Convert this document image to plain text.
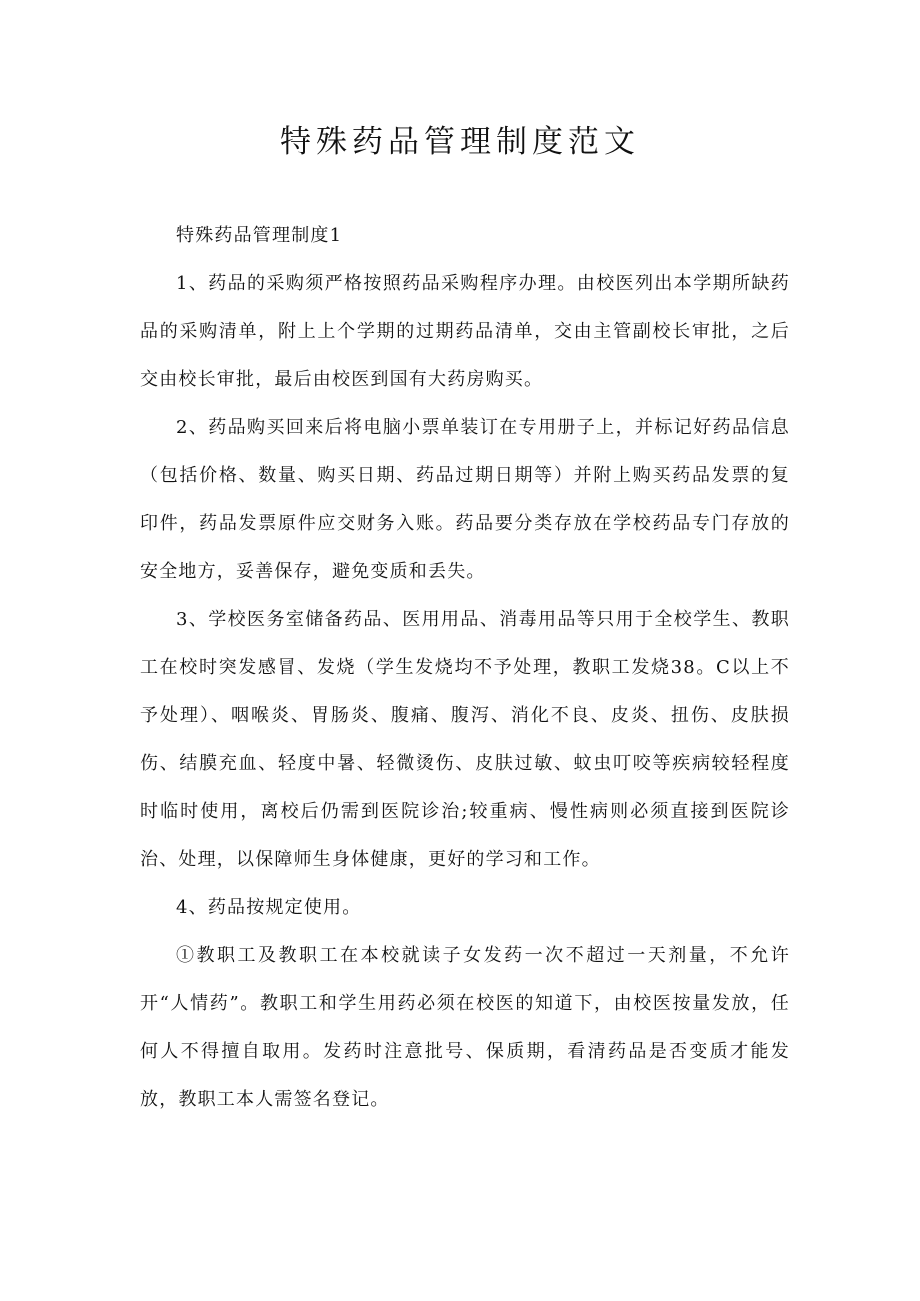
特殊药品管理制度范文

特殊药品管理制度1

1、药品的采购须严格按照药品采购程序办理。由校医列出本学期所缺药品的采购清单，附上上个学期的过期药品清单，交由主管副校长审批，之后交由校长审批，最后由校医到国有大药房购买。

2、药品购买回来后将电脑小票单装订在专用册子上，并标记好药品信息（包括价格、数量、购买日期、药品过期日期等）并附上购买药品发票的复印件，药品发票原件应交财务入账。药品要分类存放在学校药品专门存放的安全地方，妥善保存，避免变质和丢失。

3、学校医务室储备药品、医用用品、消毒用品等只用于全校学生、教职工在校时突发感冒、发烧（学生发烧均不予处理，教职工发烧38。C以上不予处理）、咽喉炎、胃肠炎、腹痛、腹泻、消化不良、皮炎、扭伤、皮肤损伤、结膜充血、轻度中暑、轻微烫伤、皮肤过敏、蚊虫叮咬等疾病较轻程度时临时使用，离校后仍需到医院诊治;较重病、慢性病则必须直接到医院诊治、处理，以保障师生身体健康，更好的学习和工作。

4、药品按规定使用。

①教职工及教职工在本校就读子女发药一次不超过一天剂量，不允许开“人情药”。教职工和学生用药必须在校医的知道下，由校医按量发放，任何人不得擅自取用。发药时注意批号、保质期，看清药品是否变质才能发放，教职工本人需签名登记。
